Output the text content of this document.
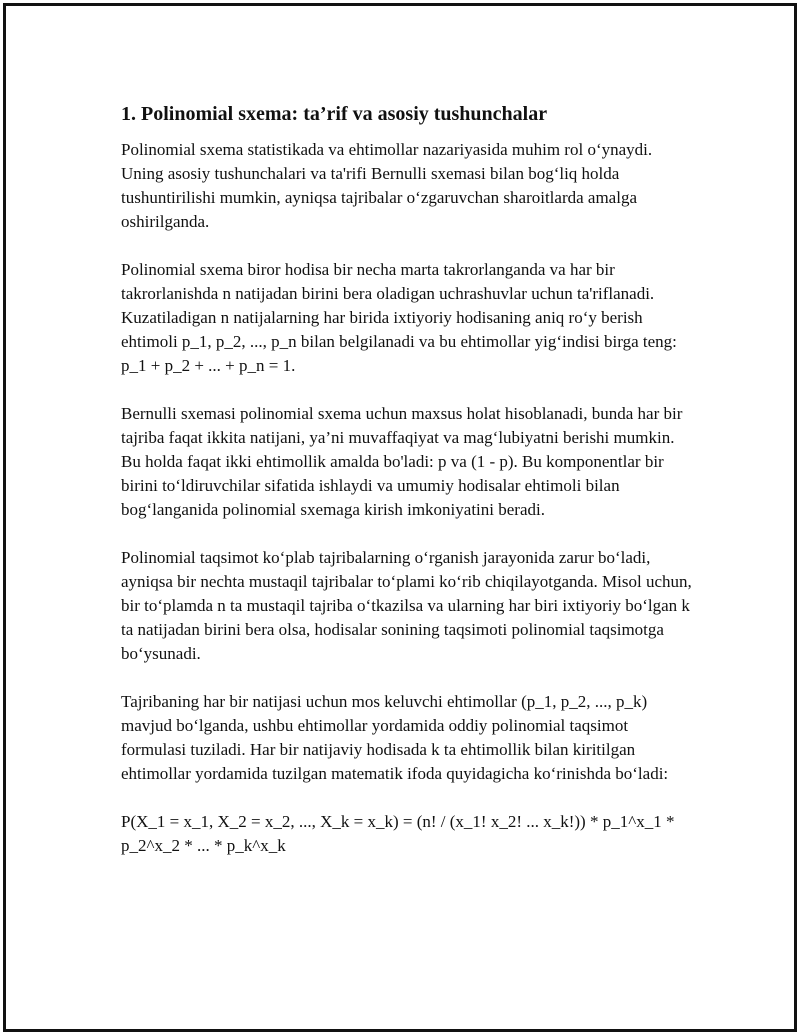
1. Polinomial sxema: ta’rif va asosiy tushunchalar

Polinomial sxema statistikada va ehtimollar nazariyasida muhim rol o‘ynaydi. Uning asosiy tushunchalari va ta'rifi Bernulli sxemasi bilan bog‘liq holda tushuntirilishi mumkin, ayniqsa tajribalar o‘zgaruvchan sharoitlarda amalga oshirilganda.

Polinomial sxema biror hodisa bir necha marta takrorlanganda va har bir takrorlanishda n natijadan birini bera oladigan uchrashuvlar uchun ta'riflanadi. Kuzatiladigan n natijalarning har birida ixtiyoriy hodisaning aniq ro‘y berish ehtimoli p_1, p_2, ..., p_n bilan belgilanadi va bu ehtimollar yig‘indisi birga teng: p_1 + p_2 + ... + p_n = 1.

Bernulli sxemasi polinomial sxema uchun maxsus holat hisoblanadi, bunda har bir tajriba faqat ikkita natijani, ya’ni muvaffaqiyat va mag‘lubiyatni berishi mumkin. Bu holda faqat ikki ehtimollik amalda bo'ladi: p va (1 - p). Bu komponentlar bir birini to‘ldiruvchilar sifatida ishlaydi va umumiy hodisalar ehtimoli bilan bog‘langanida polinomial sxemaga kirish imkoniyatini beradi.

Polinomial taqsimot ko‘plab tajribalarning o‘rganish jarayonida zarur bo‘ladi, ayniqsa bir nechta mustaqil tajribalar to‘plami ko‘rib chiqilayotganda. Misol uchun, bir to‘plamda n ta mustaqil tajriba o‘tkazilsa va ularning har biri ixtiyoriy bo‘lgan k ta natijadan birini bera olsa, hodisalar sonining taqsimoti polinomial taqsimotga bo‘ysunadi.

Tajribaning har bir natijasi uchun mos keluvchi ehtimollar (p_1, p_2, ..., p_k) mavjud bo‘lganda, ushbu ehtimollar yordamida oddiy polinomial taqsimot formulasi tuziladi. Har bir natijaviy hodisada k ta ehtimollik bilan kiritilgan ehtimollar yordamida tuzilgan matematik ifoda quyidagicha ko‘rinishda bo‘ladi:

P(X_1 = x_1, X_2 = x_2, ..., X_k = x_k) = (n! / (x_1! x_2! ... x_k!)) * p_1^x_1 * p_2^x_2 * ... * p_k^x_k
